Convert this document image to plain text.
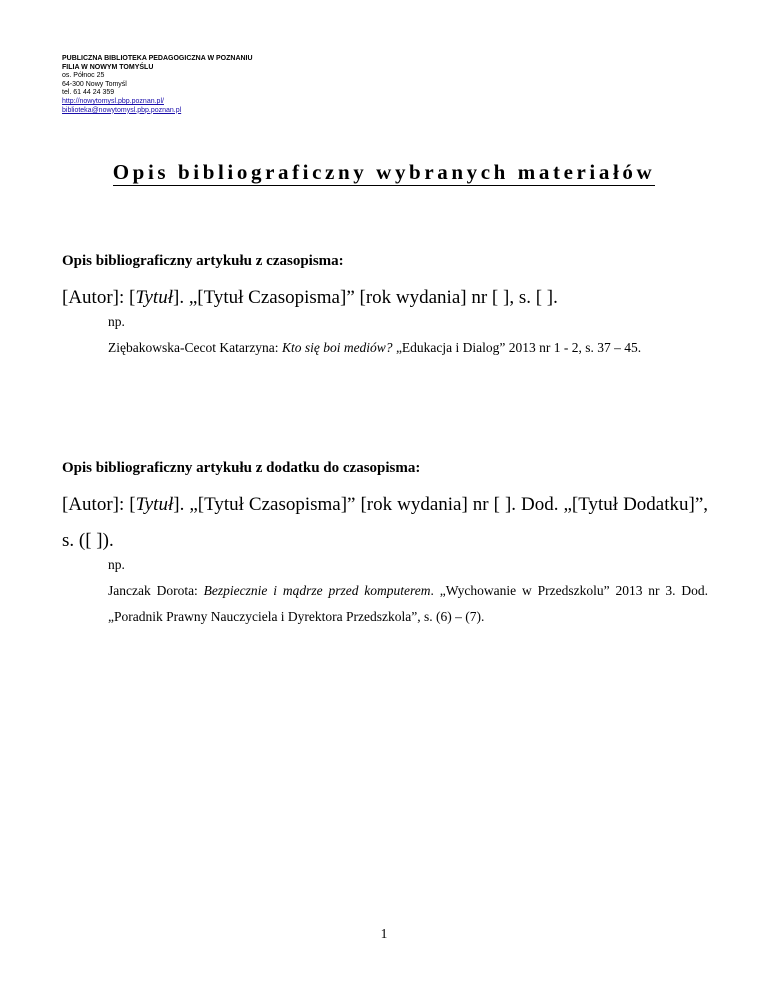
PUBLICZNA BIBLIOTEKA PEDAGOGICZNA W POZNANIU
FILIA W NOWYM TOMYŚLU
os. Północ 25
64-300 Nowy Tomyśl
tel. 61 44 24 359
http://nowytomysl.pbp.poznan.pl/
biblioteka@nowytomysl.pbp.poznan.pl
Opis bibliograficzny wybranych materiałów
Opis bibliograficzny artykułu z czasopisma:
[Autor]: [Tytuł]. „[Tytuł Czasopisma]” [rok wydania] nr [ ], s. [ ].
np.
Ziębakowska-Cecot Katarzyna: Kto się boi mediów? „Edukacja i Dialog” 2013 nr 1 - 2, s. 37 – 45.
Opis bibliograficzny artykułu z dodatku do czasopisma:
[Autor]: [Tytuł]. „[Tytuł Czasopisma]” [rok wydania] nr [ ]. Dod. „[Tytuł Dodatku]”, s. ([ ]).
np.
Janczak Dorota: Bezpiecznie i mądrze przed komputerem. „Wychowanie w Przedszkolu” 2013 nr 3. Dod. „Poradnik Prawny Nauczyciela i Dyrektora Przedszkola”, s. (6) – (7).
1
